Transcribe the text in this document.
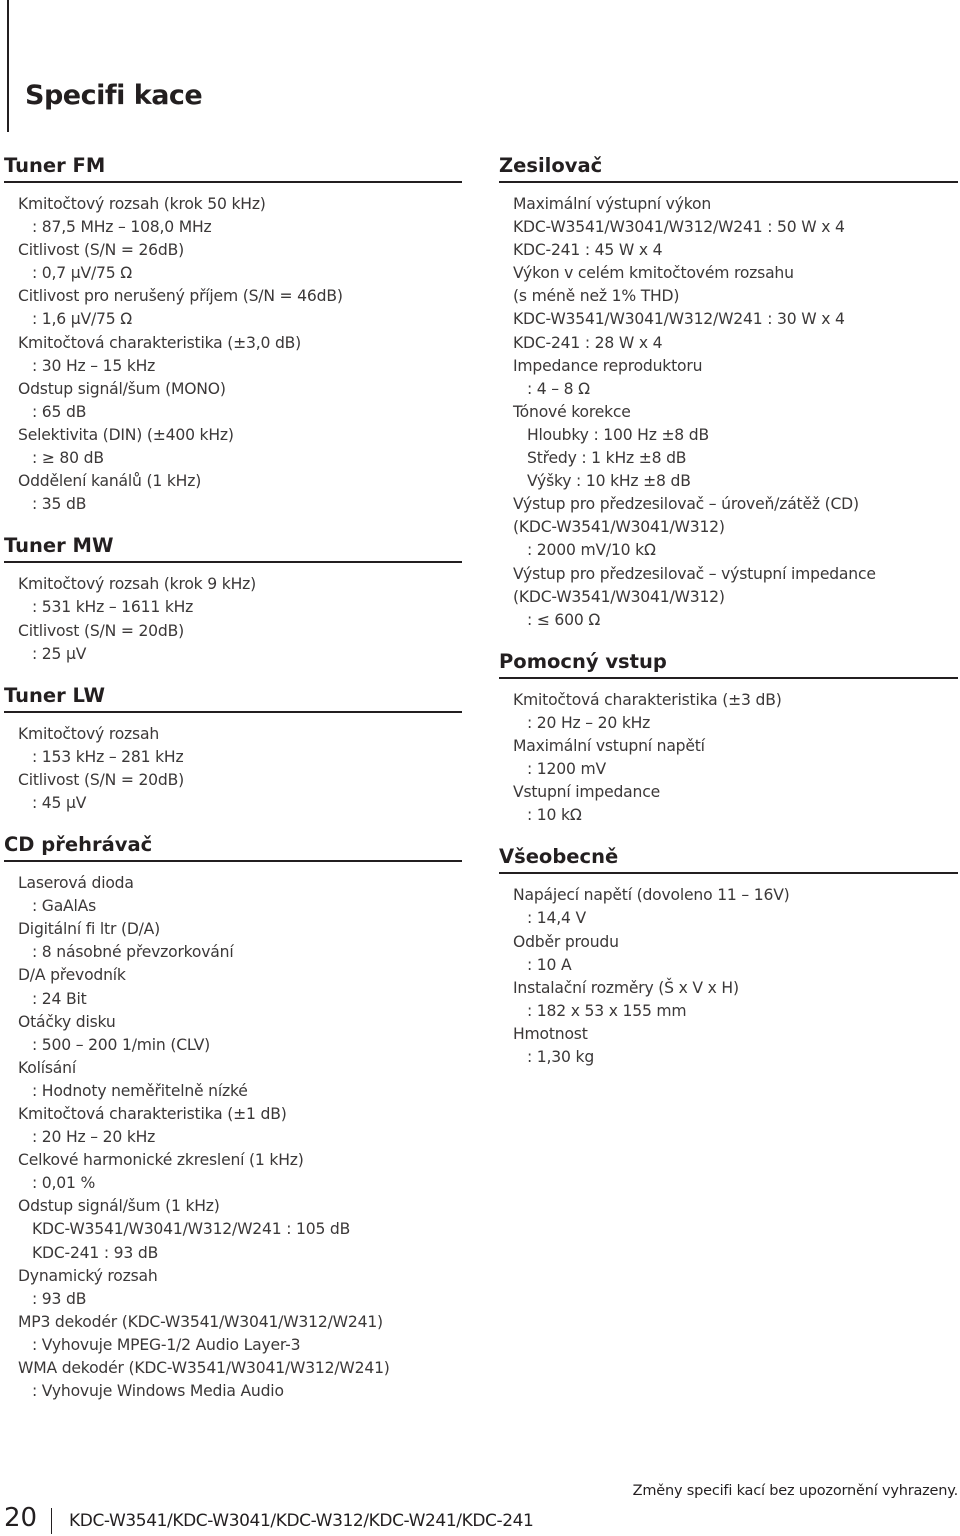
Specifi kace
Tuner FM
Kmitočtový rozsah (krok 50 kHz)
: 87,5 MHz – 108,0 MHz
Citlivost (S/N = 26dB)
: 0,7 μV/75 Ω
Citlivost pro nerušený příjem (S/N = 46dB)
: 1,6 μV/75 Ω
Kmitočtová charakteristika (±3,0 dB)
: 30 Hz – 15 kHz
Odstup signál/šum (MONO)
: 65 dB
Selektivita (DIN) (±400 kHz)
: ≥ 80 dB
Oddělení kanálů (1 kHz)
: 35 dB
Tuner MW
Kmitočtový rozsah (krok 9 kHz)
: 531 kHz – 1611 kHz
Citlivost (S/N = 20dB)
: 25 μV
Tuner LW
Kmitočtový rozsah
: 153 kHz – 281 kHz
Citlivost (S/N = 20dB)
: 45 μV
CD přehrávač
Laserová dioda
: GaAlAs
Digitální fi ltr (D/A)
: 8 násobné převzorkování
D/A převodník
: 24 Bit
Otáčky disku
: 500 – 200 1/min (CLV)
Kolísání
: Hodnoty neměřitelně nízké
Kmitočtová charakteristika (±1 dB)
: 20 Hz – 20 kHz
Celkové harmonické zkreslení (1 kHz)
: 0,01 %
Odstup signál/šum (1 kHz)
KDC-W3541/W3041/W312/W241 : 105 dB
KDC-241 : 93 dB
Dynamický rozsah
: 93 dB
MP3 dekodér (KDC-W3541/W3041/W312/W241)
: Vyhovuje MPEG-1/2 Audio Layer-3
WMA dekodér (KDC-W3541/W3041/W312/W241)
: Vyhovuje Windows Media Audio
Zesilovač
Maximální výstupní výkon
KDC-W3541/W3041/W312/W241 : 50 W x 4
KDC-241 : 45 W x 4
Výkon v celém kmitočtovém rozsahu
(s méně než 1% THD)
KDC-W3541/W3041/W312/W241 : 30 W x 4
KDC-241 : 28 W x 4
Impedance reproduktoru
: 4 – 8 Ω
Tónové korekce
Hloubky : 100 Hz ±8 dB
Středy : 1 kHz ±8 dB
Výšky : 10 kHz ±8 dB
Výstup pro předzesilovač – úroveň/zátěž (CD)
(KDC-W3541/W3041/W312)
: 2000 mV/10 kΩ
Výstup pro předzesilovač – výstupní impedance
(KDC-W3541/W3041/W312)
: ≤ 600 Ω
Pomocný vstup
Kmitočtová charakteristika (±3 dB)
: 20 Hz – 20 kHz
Maximální vstupní napětí
: 1200 mV
Vstupní impedance
: 10 kΩ
Všeobecně
Napájecí napětí (dovoleno 11 – 16V)
: 14,4 V
Odběr proudu
: 10 A
Instalační rozměry (Š x V x H)
: 182 x 53 x 155 mm
Hmotnost
: 1,30 kg
Změny specifi kací bez upozornění vyhrazeny.
20 KDC-W3541/KDC-W3041/KDC-W312/KDC-W241/KDC-241
